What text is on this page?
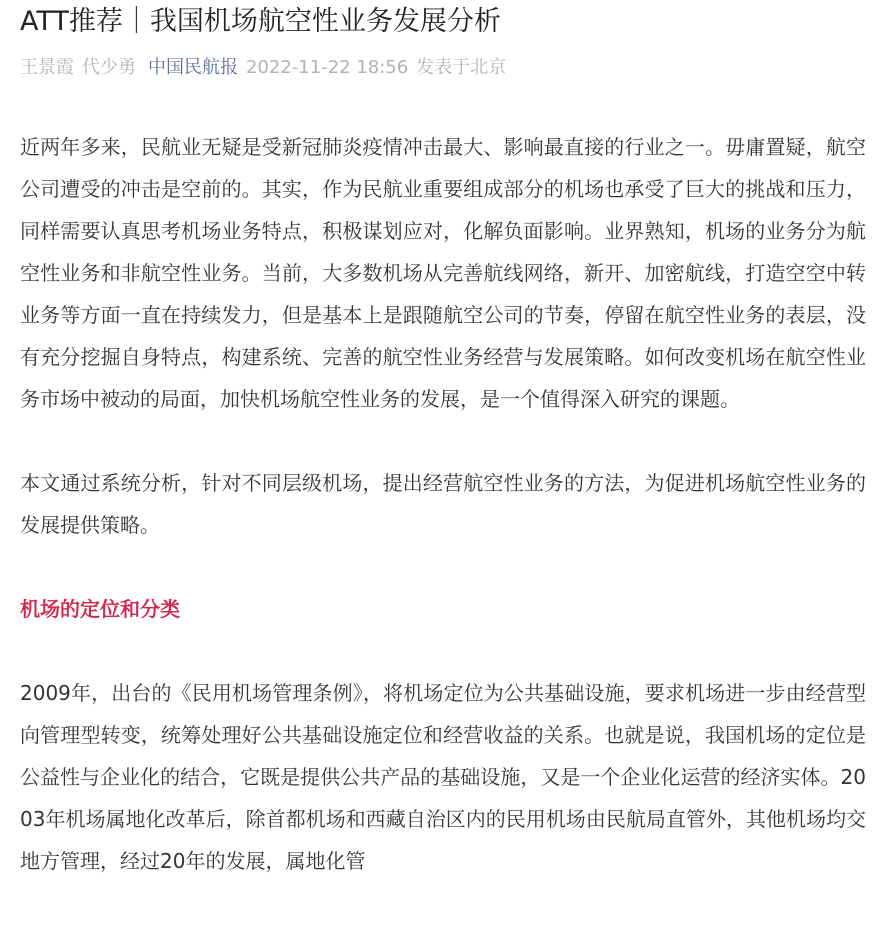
ATT推荐｜我国机场航空性业务发展分析
王景霞 代少勇 中国民航报 2022-11-22 18:56 发表于北京

近两年多来，民航业无疑是受新冠肺炎疫情冲击最大、影响最直接的行业之一。毋庸置疑，航空公司遭受的冲击是空前的。其实，作为民航业重要组成部分的机场也承受了巨大的挑战和压力，同样需要认真思考机场业务特点，积极谋划应对，化解负面影响。业界熟知，机场的业务分为航空性业务和非航空性业务。当前，大多数机场从完善航线网络，新开、加密航线，打造空空中转业务等方面一直在持续发力，但是基本上是跟随航空公司的节奏，停留在航空性业务的表层，没有充分挖掘自身特点，构建系统、完善的航空性业务经营与发展策略。如何改变机场在航空性业务市场中被动的局面，加快机场航空性业务的发展，是一个值得深入研究的课题。

本文通过系统分析，针对不同层级机场，提出经营航空性业务的方法，为促进机场航空性业务的发展提供策略。

机场的定位和分类

2009年，出台的《民用机场管理条例》，将机场定位为公共基础设施，要求机场进一步由经营型向管理型转变，统筹处理好公共基础设施定位和经营收益的关系。也就是说，我国机场的定位是公益性与企业化的结合，它既是提供公共产品的基础设施，又是一个企业化运营的经济实体。2003年机场属地化改革后，除首都机场和西藏自治区内的民用机场由民航局直管外，其他机场均交地方管理，经过20年的发展，属地化管
